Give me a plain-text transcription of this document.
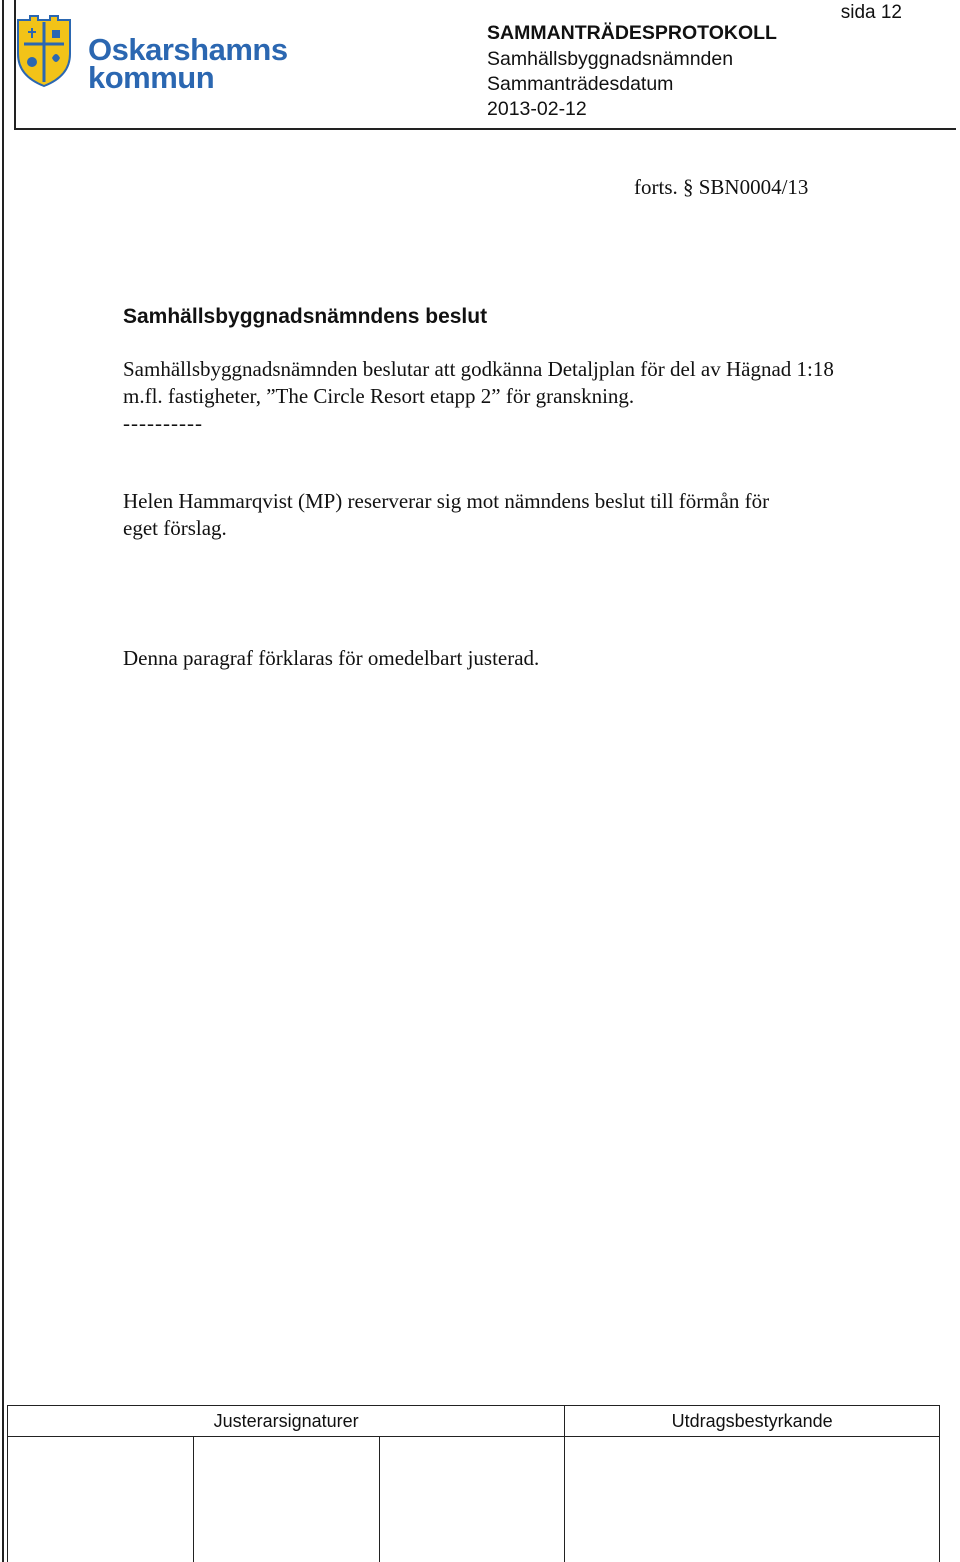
Oskarshamns
kommun
SAMMANTRÄDESPROTOKOLL
Samhällsbyggnadsnämnden
Sammanträdesdatum
2013-02-12
sida 12
forts. § SBN0004/13
Samhällsbyggnadsnämndens beslut
Samhällsbyggnadsnämnden beslutar att godkänna Detaljplan för del av Hägnad 1:18
m.fl. fastigheter, ”The Circle Resort etapp 2” för granskning.
----------
Helen Hammarqvist (MP) reserverar sig mot nämndens beslut till förmån för
eget förslag.
Denna paragraf förklaras för omedelbart justerad.
Justerarsignaturer			Utdragsbestyrkande
